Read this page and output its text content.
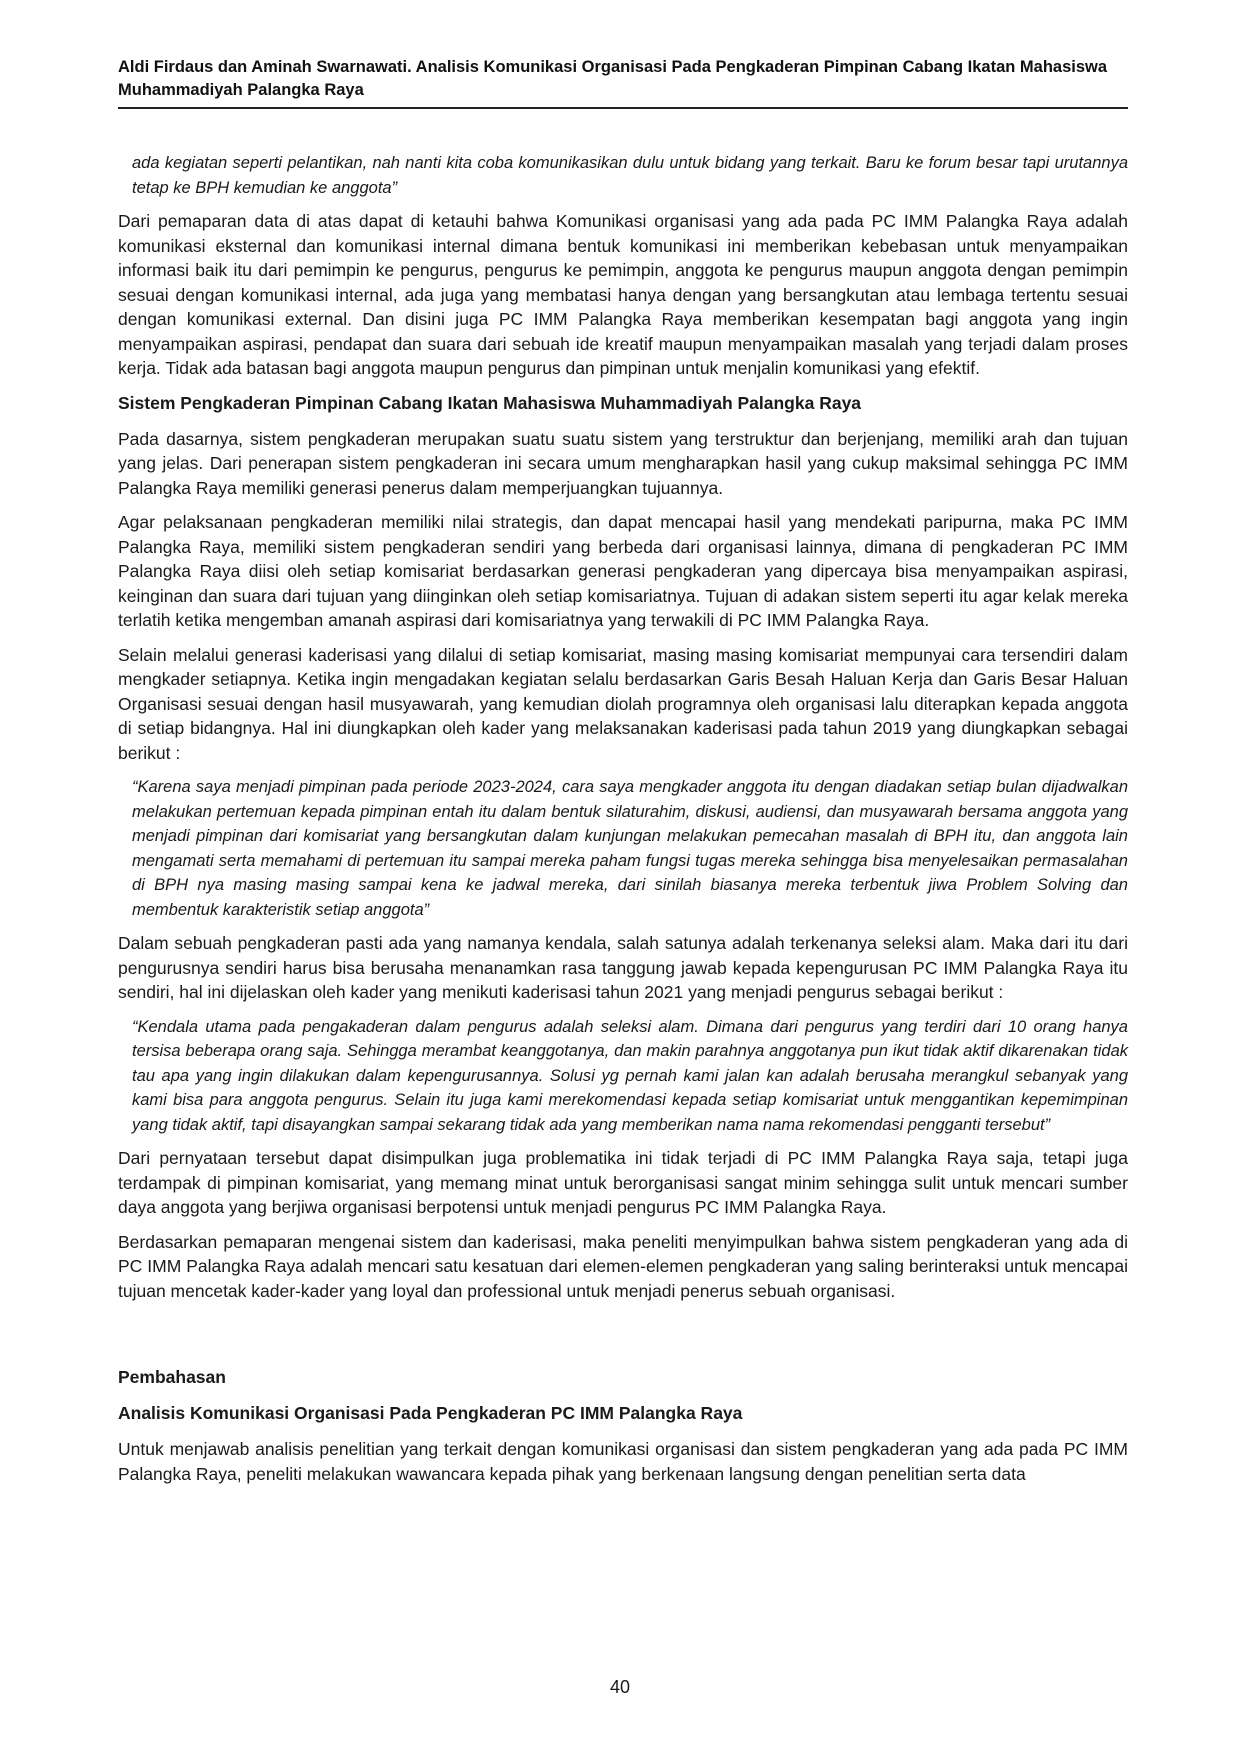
Aldi Firdaus dan Aminah Swarnawati. Analisis Komunikasi Organisasi Pada Pengkaderan Pimpinan Cabang Ikatan Mahasiswa Muhammadiyah Palangka Raya

ada kegiatan seperti pelantikan, nah nanti kita coba komunikasikan dulu untuk bidang yang terkait. Baru ke forum besar tapi urutannya tetap ke BPH kemudian ke anggota”

Dari pemaparan data di atas dapat di ketauhi bahwa Komunikasi organisasi yang ada pada PC IMM Palangka Raya adalah komunikasi eksternal dan komunikasi internal dimana bentuk komunikasi ini memberikan kebebasan untuk menyampaikan informasi baik itu dari pemimpin ke pengurus, pengurus ke pemimpin, anggota ke pengurus maupun anggota dengan pemimpin sesuai dengan komunikasi internal, ada juga yang membatasi hanya dengan yang bersangkutan atau lembaga tertentu sesuai dengan komunikasi external. Dan disini juga PC IMM Palangka Raya memberikan kesempatan bagi anggota yang ingin menyampaikan aspirasi, pendapat dan suara dari sebuah ide kreatif maupun menyampaikan masalah yang terjadi dalam proses kerja. Tidak ada batasan bagi anggota maupun pengurus dan pimpinan untuk menjalin komunikasi yang efektif.

Sistem Pengkaderan Pimpinan Cabang Ikatan Mahasiswa Muhammadiyah Palangka Raya

Pada dasarnya, sistem pengkaderan merupakan suatu suatu sistem yang terstruktur dan berjenjang, memiliki arah dan tujuan yang jelas. Dari penerapan sistem pengkaderan ini secara umum mengharapkan hasil yang cukup maksimal sehingga PC IMM Palangka Raya memiliki generasi penerus dalam memperjuangkan tujuannya.

Agar pelaksanaan pengkaderan memiliki nilai strategis, dan dapat mencapai hasil yang mendekati paripurna, maka PC IMM Palangka Raya, memiliki sistem pengkaderan sendiri yang berbeda dari organisasi lainnya, dimana di pengkaderan PC IMM Palangka Raya diisi oleh setiap komisariat berdasarkan generasi pengkaderan yang dipercaya bisa menyampaikan aspirasi, keinginan dan suara dari tujuan yang diinginkan oleh setiap komisariatnya. Tujuan di adakan sistem seperti itu agar kelak mereka terlatih ketika mengemban amanah aspirasi dari komisariatnya yang terwakili di PC IMM Palangka Raya.

Selain melalui generasi kaderisasi yang dilalui di setiap komisariat, masing masing komisariat mempunyai cara tersendiri dalam mengkader setiapnya. Ketika ingin mengadakan kegiatan selalu berdasarkan Garis Besah Haluan Kerja dan Garis Besar Haluan Organisasi sesuai dengan hasil musyawarah, yang kemudian diolah programnya oleh organisasi lalu diterapkan kepada anggota di setiap bidangnya. Hal ini diungkapkan oleh kader yang melaksanakan kaderisasi pada tahun 2019 yang diungkapkan sebagai berikut :

“Karena saya menjadi pimpinan pada periode 2023-2024, cara saya mengkader anggota itu dengan diadakan setiap bulan dijadwalkan melakukan pertemuan kepada pimpinan entah itu dalam bentuk silaturahim, diskusi, audiensi, dan musyawarah bersama anggota yang menjadi pimpinan dari komisariat yang bersangkutan dalam kunjungan melakukan pemecahan masalah di BPH itu, dan anggota lain mengamati serta memahami di pertemuan itu sampai mereka paham fungsi tugas mereka sehingga bisa menyelesaikan permasalahan di BPH nya masing masing sampai kena ke jadwal mereka, dari sinilah biasanya mereka terbentuk jiwa Problem Solving dan membentuk karakteristik setiap anggota”

Dalam sebuah pengkaderan pasti ada yang namanya kendala, salah satunya adalah terkenanya seleksi alam. Maka dari itu dari pengurusnya sendiri harus bisa berusaha menanamkan rasa tanggung jawab kepada kepengurusan PC IMM Palangka Raya itu sendiri, hal ini dijelaskan oleh kader yang menikuti kaderisasi tahun 2021 yang menjadi pengurus sebagai berikut :

“Kendala utama pada pengakaderan dalam pengurus adalah seleksi alam. Dimana dari pengurus yang terdiri dari 10 orang hanya tersisa beberapa orang saja. Sehingga merambat keanggotanya, dan makin parahnya anggotanya pun ikut tidak aktif dikarenakan tidak tau apa yang ingin dilakukan dalam kepengurusannya. Solusi yg pernah kami jalan kan adalah berusaha merangkul sebanyak yang kami bisa para anggota pengurus. Selain itu juga kami merekomendasi kepada setiap komisariat untuk menggantikan kepemimpinan yang tidak aktif, tapi disayangkan sampai sekarang tidak ada yang memberikan nama nama rekomendasi pengganti tersebut”

Dari pernyataan tersebut dapat disimpulkan juga problematika ini tidak terjadi di PC IMM Palangka Raya saja, tetapi juga terdampak di pimpinan komisariat, yang memang minat untuk berorganisasi sangat minim sehingga sulit untuk mencari sumber daya anggota yang berjiwa organisasi berpotensi untuk menjadi pengurus PC IMM Palangka Raya.

Berdasarkan pemaparan mengenai sistem dan kaderisasi, maka peneliti menyimpulkan bahwa sistem pengkaderan yang ada di PC IMM Palangka Raya adalah mencari satu kesatuan dari elemen-elemen pengkaderan yang saling berinteraksi untuk mencapai tujuan mencetak kader-kader yang loyal dan professional untuk menjadi penerus sebuah organisasi.

Pembahasan
Analisis Komunikasi Organisasi Pada Pengkaderan PC IMM Palangka Raya

Untuk menjawab analisis penelitian yang terkait dengan komunikasi organisasi dan sistem pengkaderan yang ada pada PC IMM Palangka Raya, peneliti melakukan wawancara kepada pihak yang berkenaan langsung dengan penelitian serta data

40
